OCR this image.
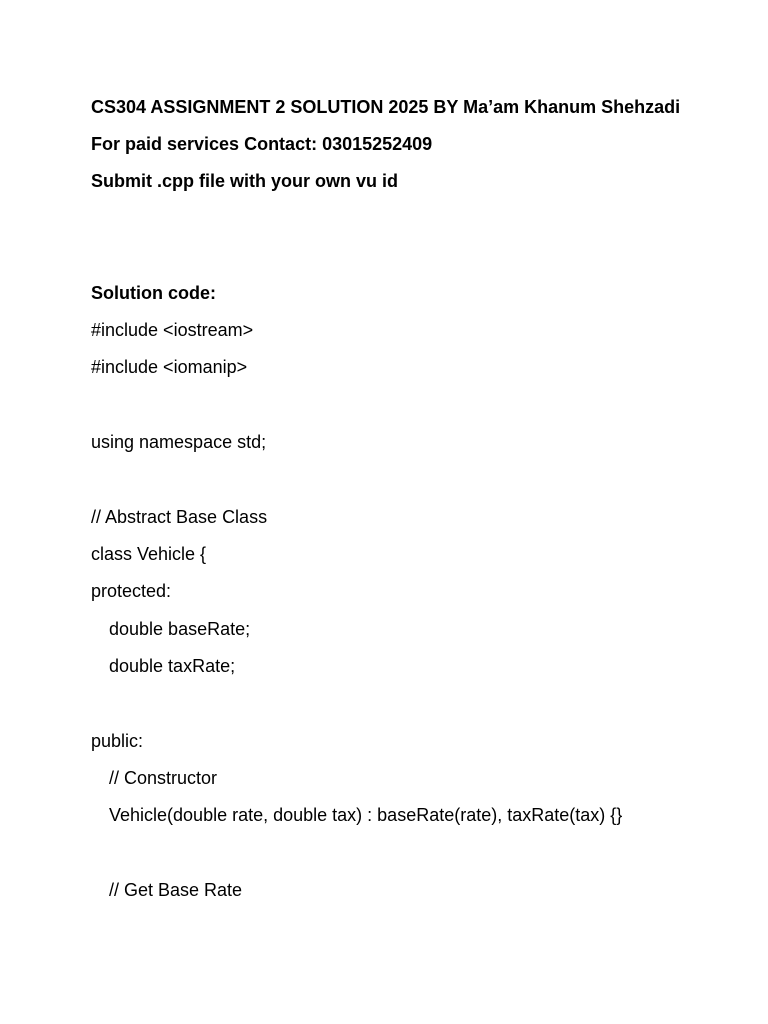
CS304 ASSIGNMENT 2 SOLUTION 2025 BY Ma’am Khanum Shehzadi
For paid services Contact: 03015252409
Submit .cpp file with your own vu id
Solution code:
#include <iostream>
#include <iomanip>
using namespace std;
// Abstract Base Class
class Vehicle {
protected:
double baseRate;
double taxRate;
public:
// Constructor
Vehicle(double rate, double tax) : baseRate(rate), taxRate(tax) {}
// Get Base Rate
